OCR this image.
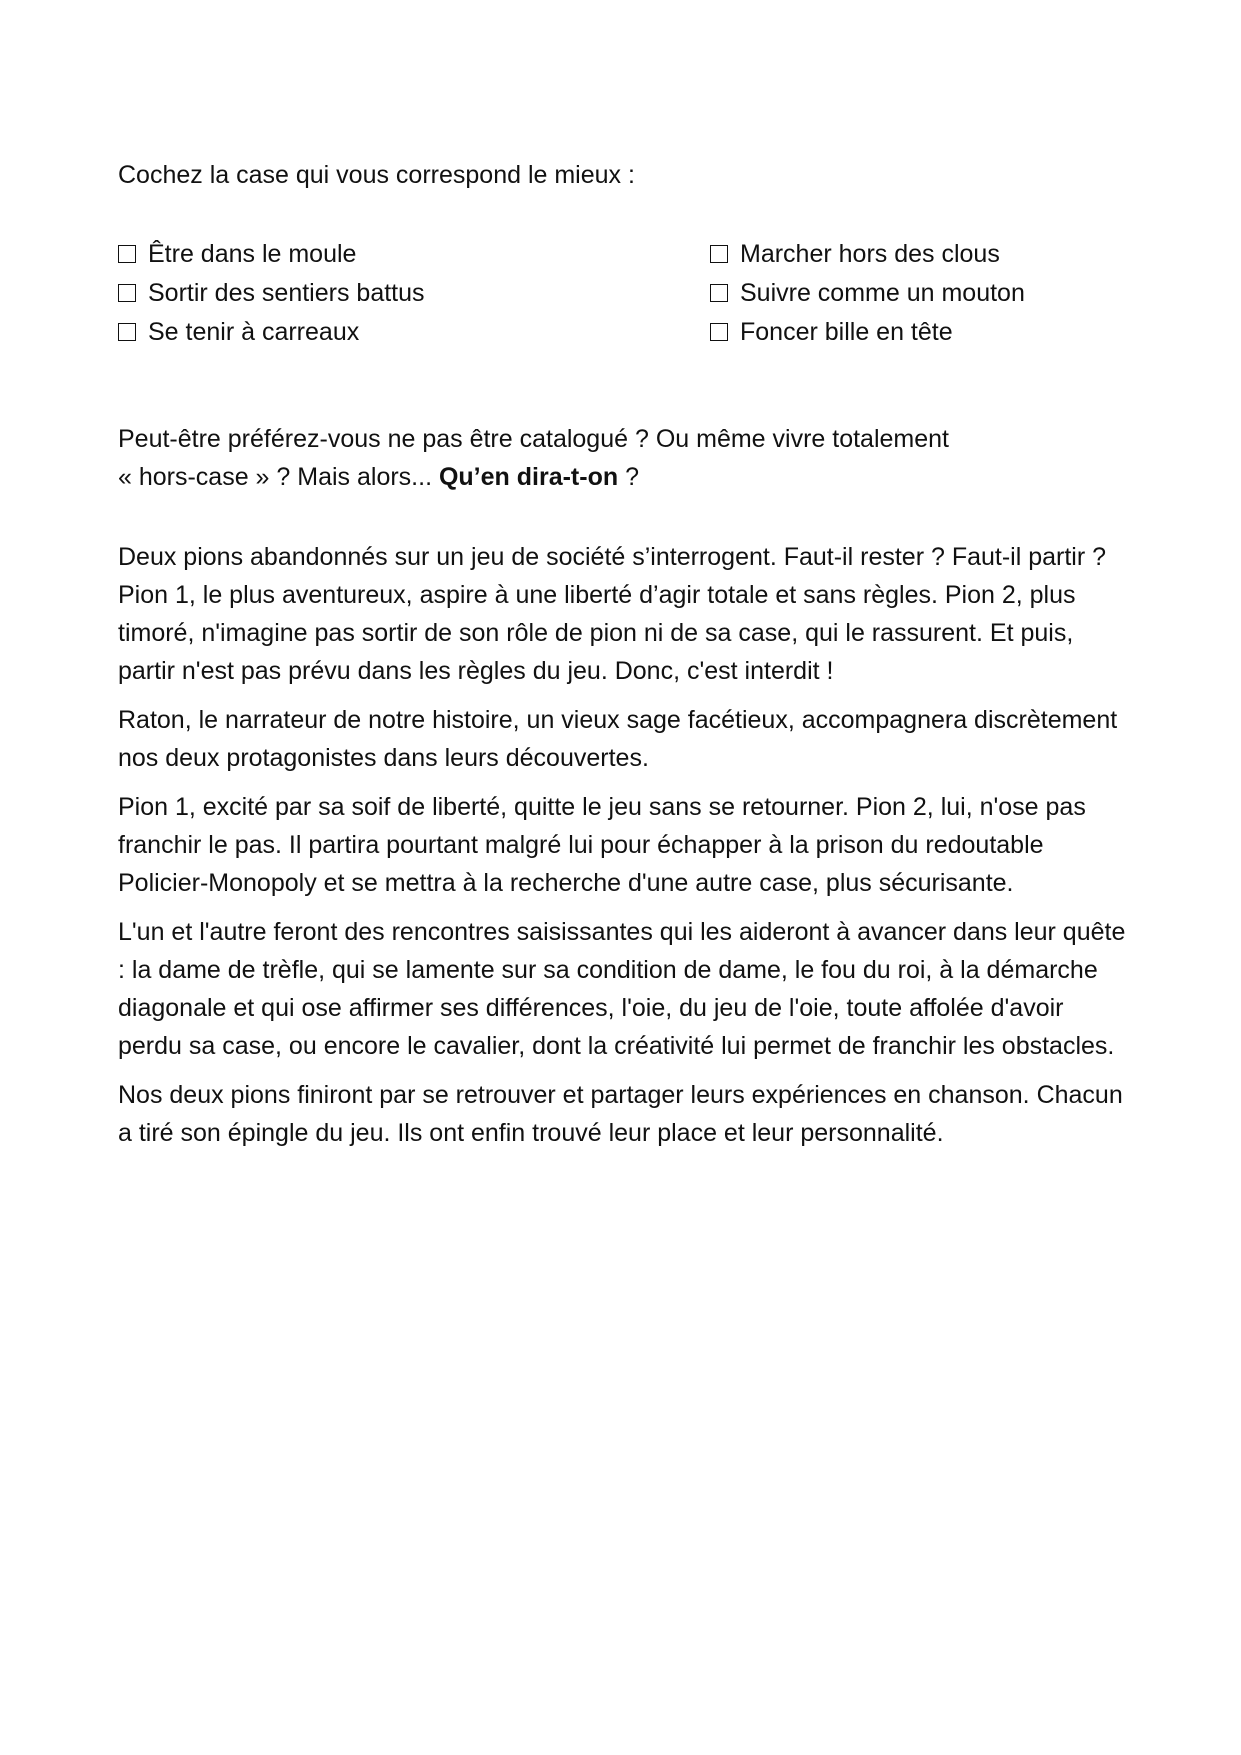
Cochez la case qui vous correspond le mieux :

Être dans le moule
Sortir des sentiers battus
Se tenir à carreaux
Marcher hors des clous
Suivre comme un mouton
Foncer bille en tête
Peut-être préférez-vous ne pas être catalogué ? Ou même vivre totalement
« hors-case » ? Mais alors... Qu’en dira-t-on ?

Deux pions abandonnés sur un jeu de société s’interrogent. Faut-il rester ? Faut-il partir ? Pion 1, le plus aventureux, aspire à une liberté d’agir totale et sans règles. Pion 2, plus timoré, n'imagine pas sortir de son rôle de pion ni de sa case, qui le rassurent. Et puis, partir n'est pas prévu dans les règles du jeu. Donc, c'est interdit !

Raton, le narrateur de notre histoire, un vieux sage facétieux, accompagnera discrètement nos deux protagonistes dans leurs découvertes.

Pion 1, excité par sa soif de liberté, quitte le jeu sans se retourner. Pion 2, lui, n'ose pas franchir le pas. Il partira pourtant malgré lui pour échapper à la prison du redoutable Policier-Monopoly et se mettra à la recherche d'une autre case, plus sécurisante.

L'un et l'autre feront des rencontres saisissantes qui les aideront à avancer dans leur quête : la dame de trèfle, qui se lamente sur sa condition de dame, le fou du roi, à la démarche diagonale et qui ose affirmer ses différences, l'oie, du jeu de l'oie, toute affolée d'avoir perdu sa case, ou encore le cavalier, dont la créativité lui permet de franchir les obstacles.

Nos deux pions finiront par se retrouver et partager leurs expériences en chanson. Chacun a tiré son épingle du jeu. Ils ont enfin trouvé leur place et leur personnalité.
